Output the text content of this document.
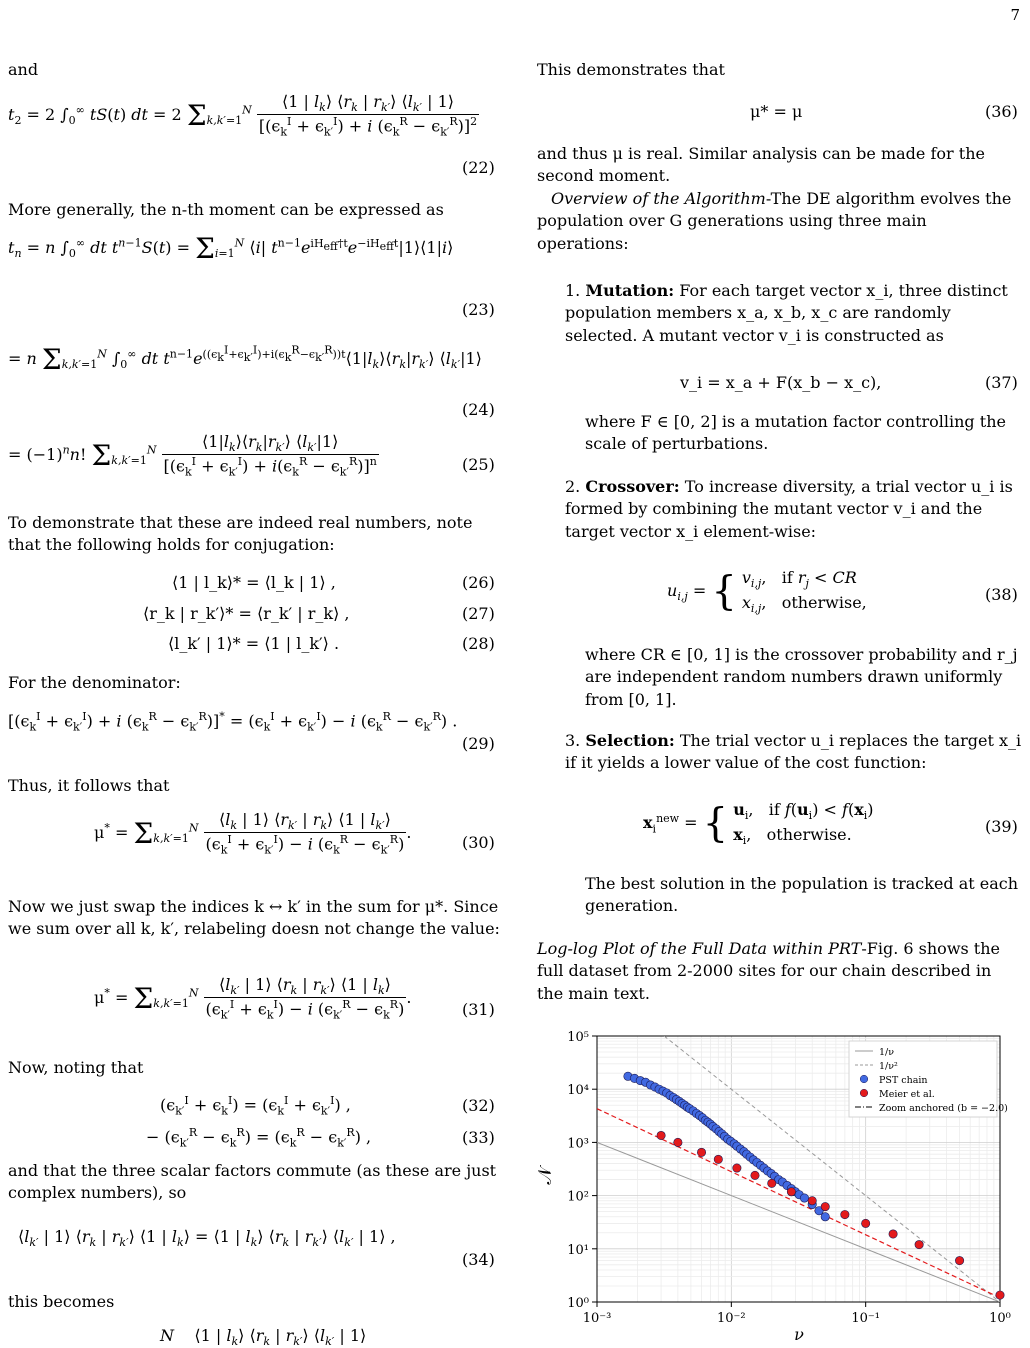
7
and
$t_2 = 2$ $\int_0^\infty$ tS(t) dt = 2 $\Sigma_{k,k'=1}^N \frac{⟨1 | l_k⟩ ⟨r_k | r_{k'}⟩ ⟨l_{k'} | 1⟩}{[(\epsilon_k^I + \epsilon_{k'}^I) + i (\epsilon_k^R - \epsilon_{k'}^R)]^2}$
(22)
More generally, the n-th moment can be expressed as
$t_n = n$ $\int_0^\infty$ dt $t^{n-1}S(t) = \Sigma_{i=1}^N$ ⟨i| $t^{n-1}e^{iH_{eff}\dagger t}e^{-iH_{eff}t}|1⟩⟨1|i⟩$
(23)
= n $\Sigma_{k,k'=1}^N$ $\int_0^\infty$ dt $t^{n-1}e^{((\epsilon_k^I+\epsilon_{k'}^I)+i(\epsilon_k^R-\epsilon_{k'}^R))t}⟨1|l_k⟩⟨r_k|r_{k'}⟩$ $⟨l_{k'}|1⟩$
(24)
= $(-1)^nn$! $\Sigma_{k,k'=1}^N \frac{⟨1|l_k⟩⟨r_k|r_{k'}⟩ ⟨l_{k'}|1⟩}{[(\epsilon_k^I + \epsilon_{k'}^I) + i(\epsilon_k^R - \epsilon_{k'}^R)]^n}$	(25)
To demonstrate that these are indeed real numbers, note that the following holds for conjugation:
⟨1 | l_k⟩* = ⟨l_k | 1⟩ ,	(26)
⟨r_k | r_k′⟩* = ⟨r_k′ | r_k⟩ ,	(27)
⟨l_k′ | 1⟩* = ⟨1 | l_k′⟩ .	(28)
For the denominator:
[$(\epsilon_k^I + \epsilon_{k'}^I) + i$ $(\epsilon_k^R - \epsilon_{k'}^R)]^* = (\epsilon_k^I + \epsilon_{k'}^I) - i$ $(\epsilon_k^R - \epsilon_{k'}^R)$ .
(29)
Thus, it follows that
$\mu^* = \Sigma_{k,k'=1}^N \frac{⟨l_k | 1⟩ ⟨r_{k'} | r_k⟩ ⟨1 | l_{k'}⟩}{(\epsilon_k^I + \epsilon_{k'}^I) - i (\epsilon_k^R - \epsilon_{k'}^R)}$ .
(30)
Now we just swap the indices k ↔ k′ in the sum for μ*. Since we sum over all k, k′, relabeling doesn not change the value:
$\mu^* = \Sigma_{k,k'=1}^N \frac{⟨l_{k'} | 1⟩ ⟨r_k | r_{k'}⟩ ⟨1 | l_k⟩}{(\epsilon_{k'}^I + \epsilon_k^I) - i (\epsilon_{k'}^R - \epsilon_k^R)}$ .
(31)
Now, noting that
$(\epsilon_{k'}^I + \epsilon_k^I) = (\epsilon_k^I + \epsilon_{k'}^I)$ ,	(32)
− $(\epsilon_{k'}^R - \epsilon_k^R) = (\epsilon_k^R - \epsilon_{k'}^R)$ ,	(33)
and that the three scalar factors commute (as these are just complex numbers), so
$⟨l_{k'}$ | 1⟩ $⟨r_k$ | $r_{k'}⟩$ ⟨1 | $l_k⟩$ = ⟨1 | $l_k⟩$ $⟨r_k$ | $r_{k'}⟩$ $⟨l_{k'}$ | 1⟩ ,
(34)
this becomes
N    ⟨1 | $l_k⟩$ $⟨r_k$ | $r_{k'}⟩$ $⟨l_{k'}$ | 1⟩
This demonstrates that
μ* = μ	(36)
and thus μ is real. Similar analysis can be made for the second moment.
Overview of the Algorithm-The DE algorithm evolves the population over G generations using three main operations:
1. Mutation: For each target vector x_i, three distinct population members x_a, x_b, x_c are randomly selected. A mutant vector v_i is constructed as
v_i = x_a + F(x_b − x_c),	(37)
where F ∈ [0, 2] is a mutation factor controlling the scale of perturbations.
2. Crossover: To increase diversity, a trial vector u_i is formed by combining the mutant vector v_i and the target vector x_i element-wise:
$u_{i,j}$ = { $v_{i,j}$,   if $r_j$ < CR
$x_{i,j}$,   otherwise,	(38)
where CR ∈ [0, 1] is the crossover probability and r_j are independent random numbers drawn uniformly from [0, 1].
3. Selection: The trial vector u_i replaces the target x_i if it yields a lower value of the cost function:
$x_i^{new}$ = { $u_i$,   if $f(u_i) < f(x_i)$
$x_i$,   otherwise.	(39)
The best solution in the population is tracked at each generation.
Log-log Plot of the Full Data within PRT-Fig. 6 shows the full dataset from 2-2000 sites for our chain described in the main text.
10⁻³	10⁻²	10⁻¹	10⁰
10⁰
10¹
10²
10³
10⁴
10⁵
ν
𝒩
1/ν
1/ν²
PST chain
Meier et al.
Zoom anchored (b = −2.0)
